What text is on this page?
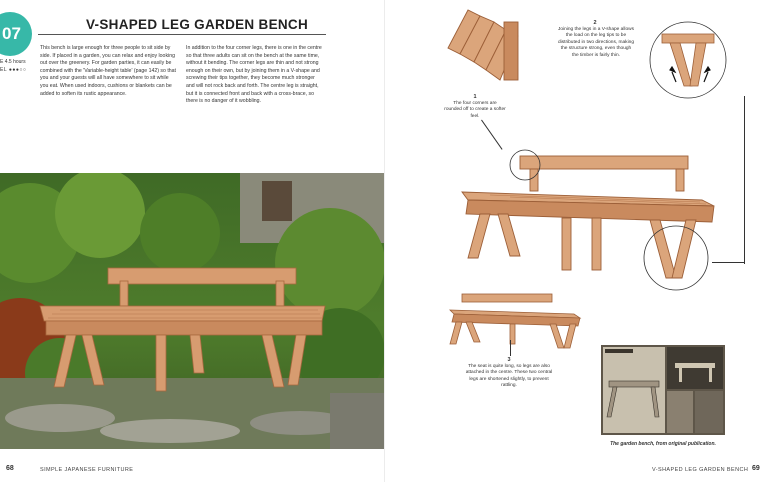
07	V-SHAPED LEG GARDEN BENCH
E 4.5 hours
EL ●●●○○
This bench is large enough for three people to sit side by side. If placed in a garden, you can relax and enjoy looking out over the greenery. For garden parties, it can easily be combined with the 'Variable-height table' (page 142) so that you and your guests will all have somewhere to sit while you eat. When used indoors, cushions or blankets can be added to soften its rustic appearance.
In addition to the four corner legs, there is one in the centre so that three adults can sit on the bench at the same time, without it bending. The corner legs are thin and not strong enough on their own, but by joining them in a V-shape and screwing their tips together, they become much stronger and will not rock back and forth. The centre leg is straight, but it is connected front and back with a cross-brace, so there is no danger of it wobbling.
68	SIMPLE JAPANESE FURNITURE
1
The four corners are rounded off to create a softer feel.
2
Joining the legs in a V-shape allows the load on the leg tips to be distributed in two directions, making the structure strong, even though the timber is fairly thin.
3
The seat is quite long, so legs are also attached in the centre. These two central legs are shortened slightly, to prevent rattling.
The garden bench, from original publication.
V-SHAPED LEG GARDEN BENCH 69
